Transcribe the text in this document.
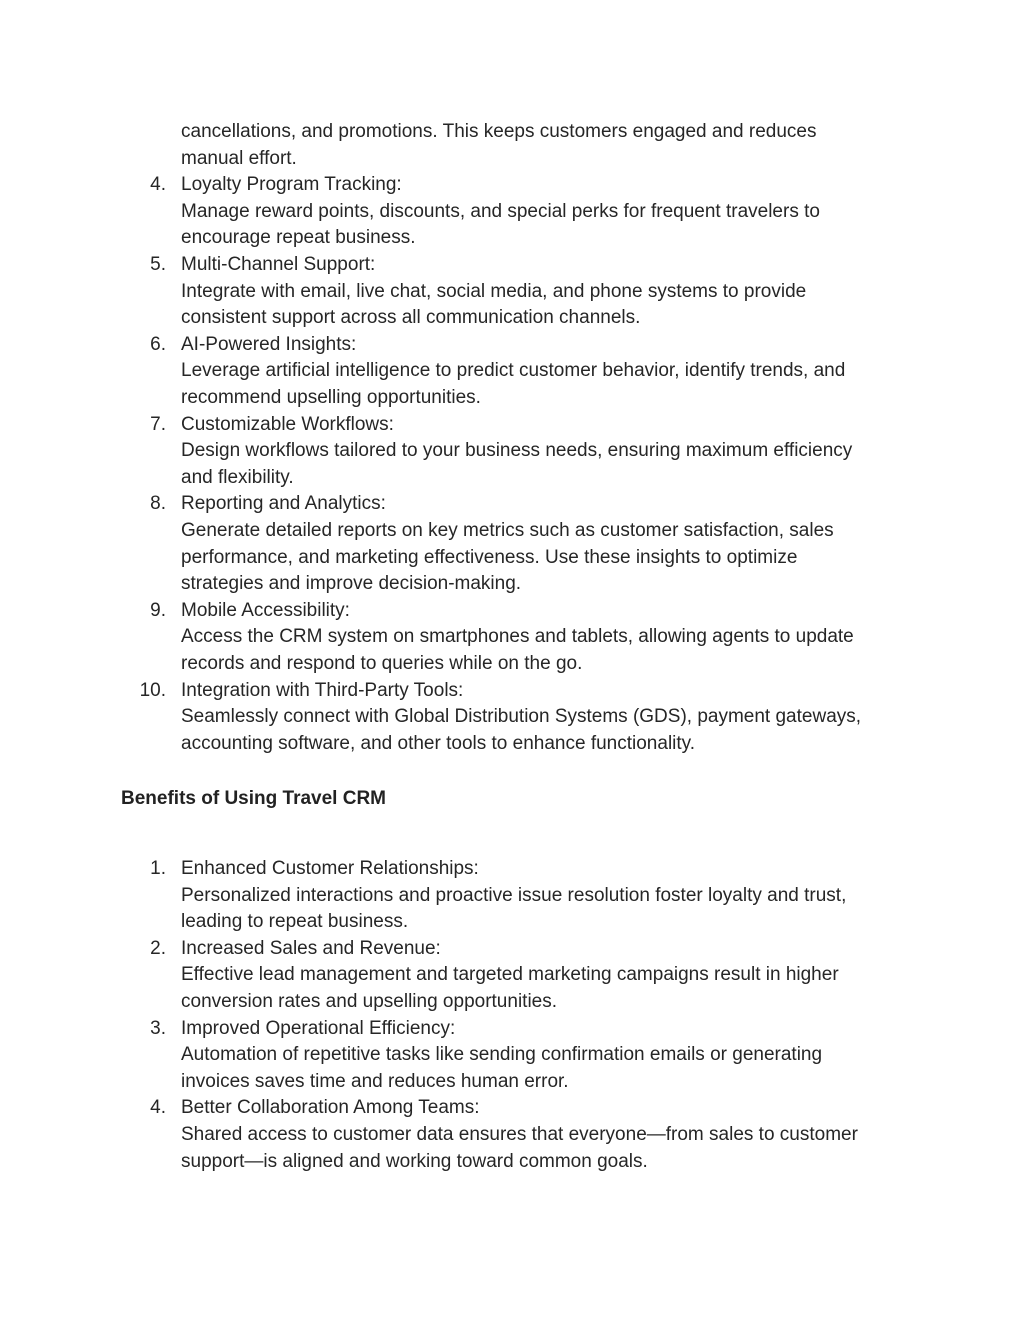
cancellations, and promotions. This keeps customers engaged and reduces
manual effort.
4. Loyalty Program Tracking:
Manage reward points, discounts, and special perks for frequent travelers to
encourage repeat business.
5. Multi-Channel Support:
Integrate with email, live chat, social media, and phone systems to provide
consistent support across all communication channels.
6. AI-Powered Insights:
Leverage artificial intelligence to predict customer behavior, identify trends, and
recommend upselling opportunities.
7. Customizable Workflows:
Design workflows tailored to your business needs, ensuring maximum efficiency
and flexibility.
8. Reporting and Analytics:
Generate detailed reports on key metrics such as customer satisfaction, sales
performance, and marketing effectiveness. Use these insights to optimize
strategies and improve decision-making.
9. Mobile Accessibility:
Access the CRM system on smartphones and tablets, allowing agents to update
records and respond to queries while on the go.
10. Integration with Third-Party Tools:
Seamlessly connect with Global Distribution Systems (GDS), payment gateways,
accounting software, and other tools to enhance functionality.
Benefits of Using Travel CRM
1. Enhanced Customer Relationships:
Personalized interactions and proactive issue resolution foster loyalty and trust,
leading to repeat business.
2. Increased Sales and Revenue:
Effective lead management and targeted marketing campaigns result in higher
conversion rates and upselling opportunities.
3. Improved Operational Efficiency:
Automation of repetitive tasks like sending confirmation emails or generating
invoices saves time and reduces human error.
4. Better Collaboration Among Teams:
Shared access to customer data ensures that everyone—from sales to customer
support—is aligned and working toward common goals.
